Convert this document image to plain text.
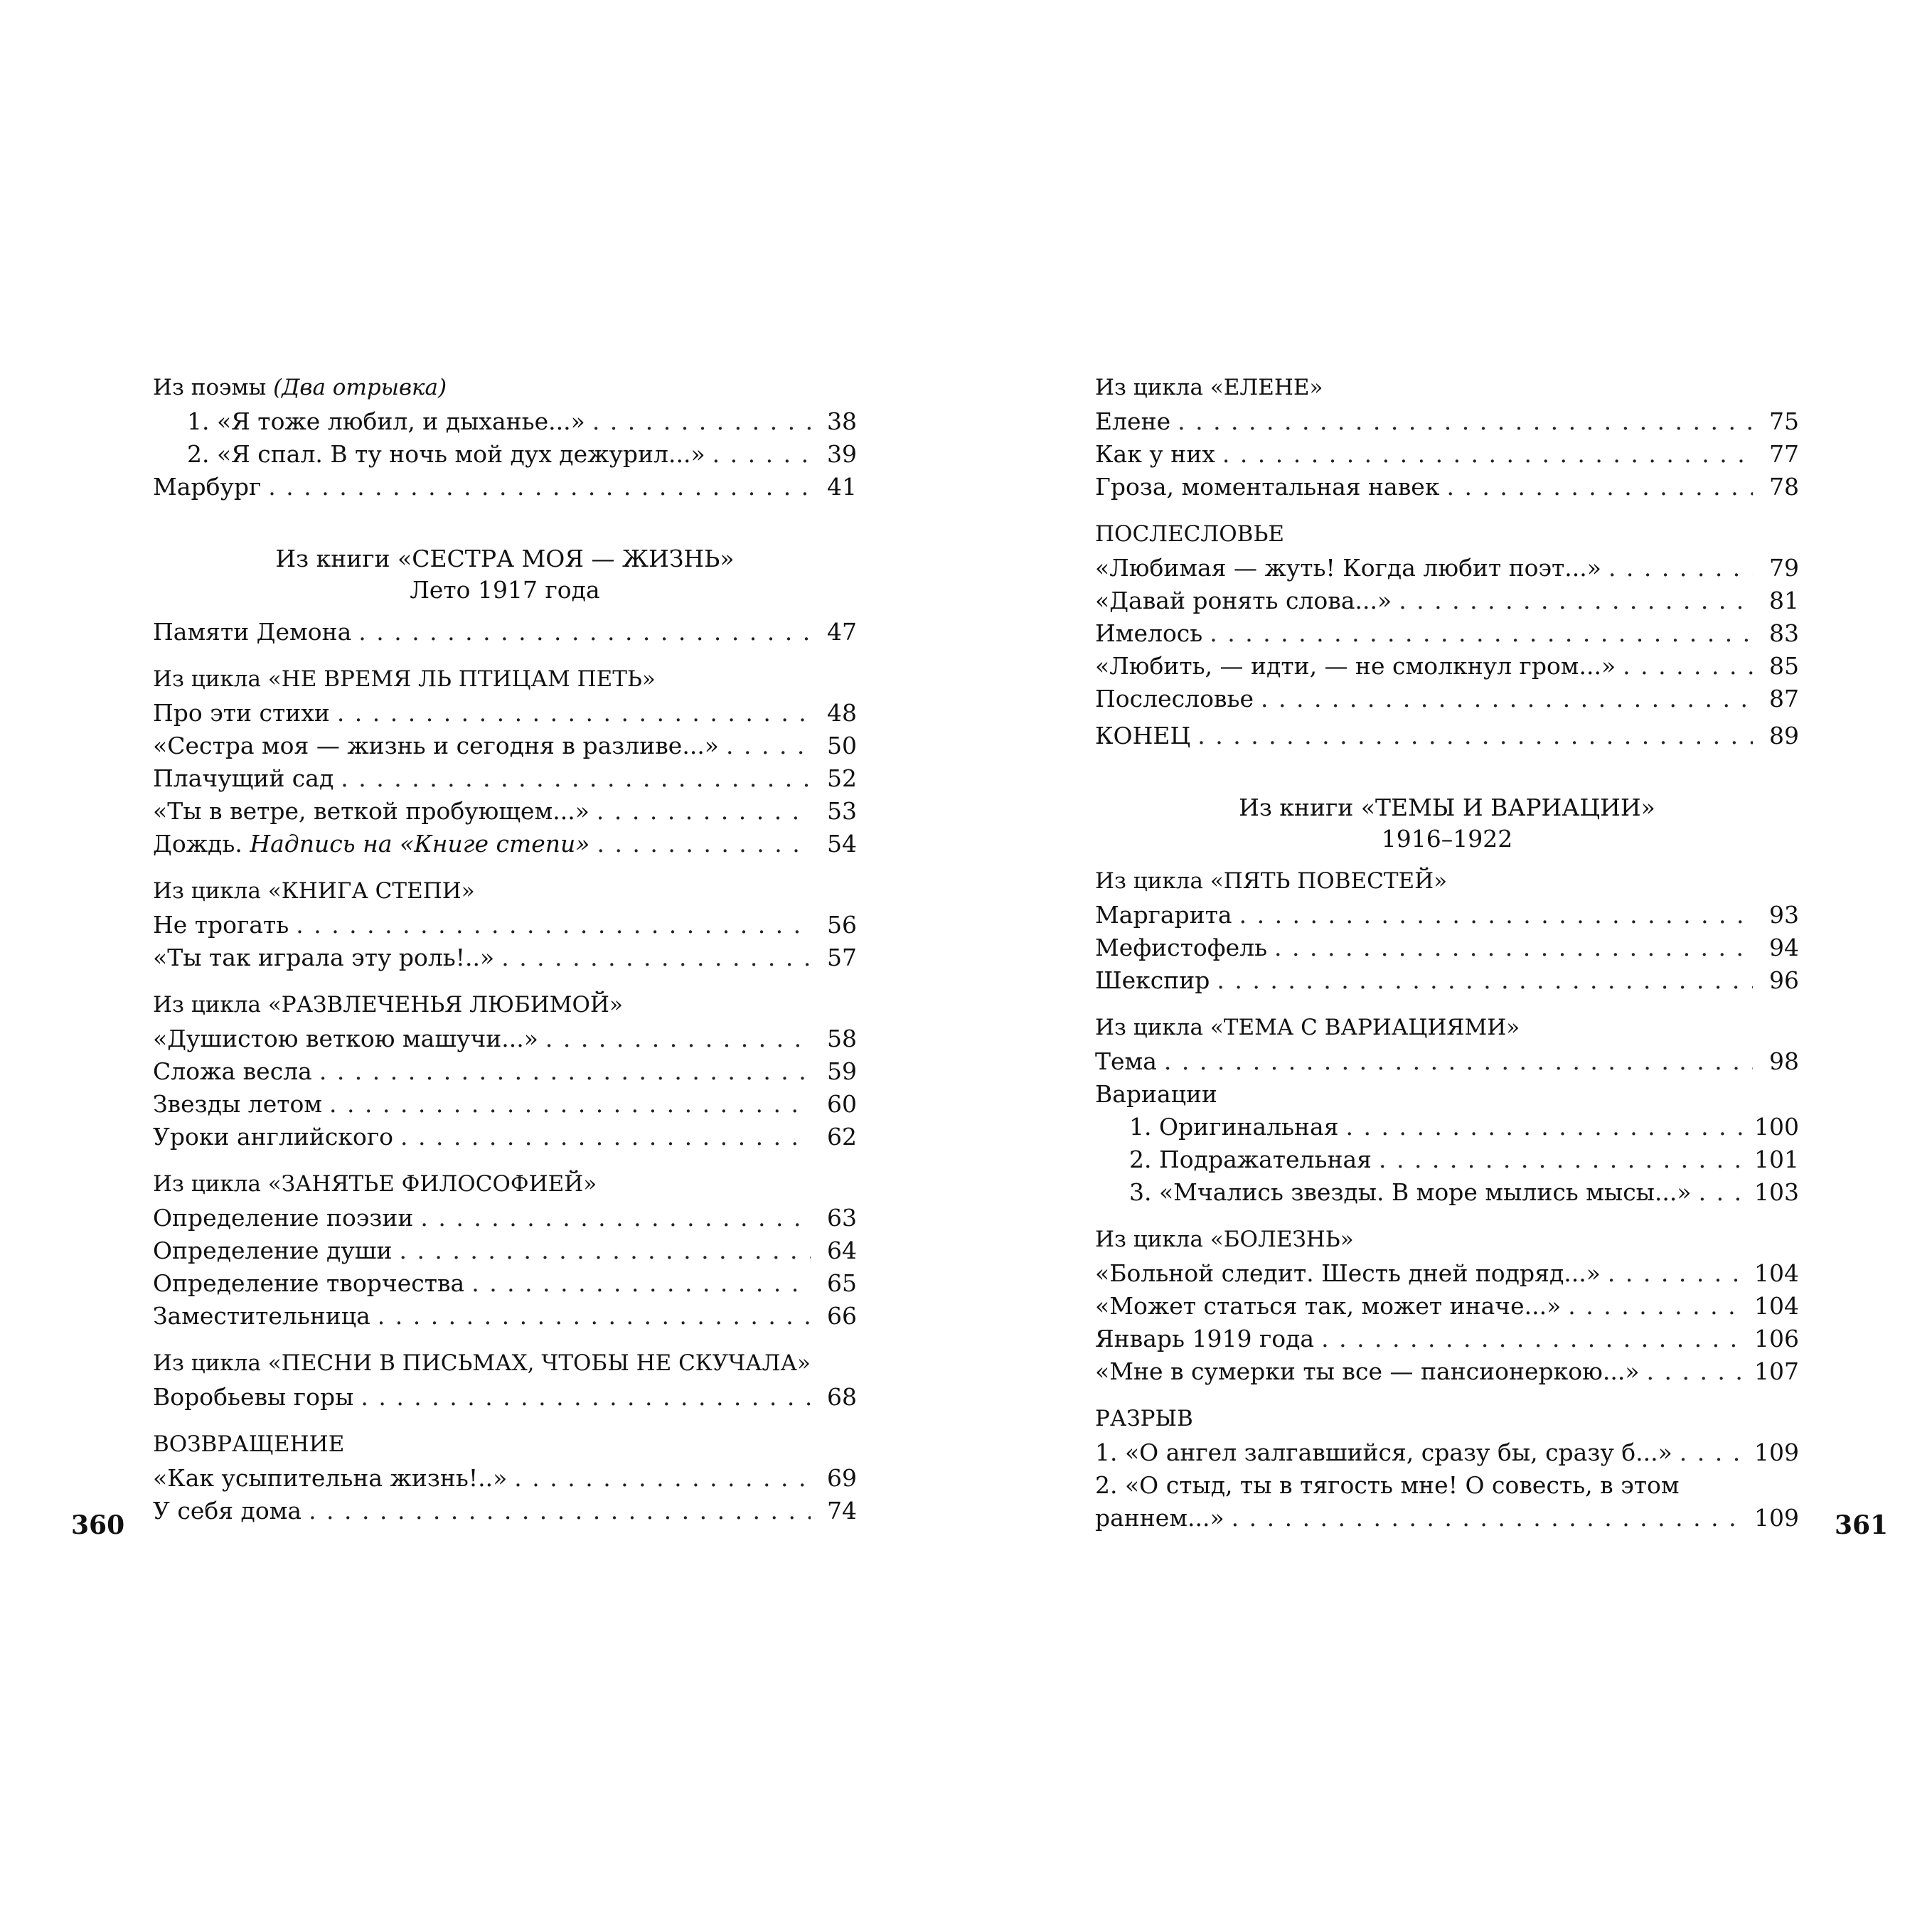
Из поэмы (Два отрывка)
1. «Я тоже любил, и дыханье...» . . .	38
2. «Я спал. В ту ночь мой дух дежурил...» . . .	39
Марбург . . .	41
Из книги «СЕСТРА МОЯ — ЖИЗНЬ»
Лето 1917 года
Памяти Демона . . .	47
Из цикла «НЕ ВРЕМЯ ЛЬ ПТИЦАМ ПЕТЬ»
Про эти стихи . . .	48
«Сестра моя — жизнь и сегодня в разливе...» . . .	50
Плачущий сад . . .	52
«Ты в ветре, веткой пробующем...» . . .	53
Дождь. Надпись на «Книге степи» . . .	54
Из цикла «КНИГА СТЕПИ»
Не трогать . . .	56
«Ты так играла эту роль!..» . . .	57
Из цикла «РАЗВЛЕЧЕНЬЯ ЛЮБИМОЙ»
«Душистою веткою машучи...» . . .	58
Сложа весла . . .	59
Звезды летом . . .	60
Уроки английского . . .	62
Из цикла «ЗАНЯТЬЕ ФИЛОСОФИЕЙ»
Определение поэзии . . .	63
Определение души . . .	64
Определение творчества . . .	65
Заместительница . . .	66
Из цикла «ПЕСНИ В ПИСЬМАХ, ЧТОБЫ НЕ СКУЧАЛА»
Воробьевы горы . . .	68
ВОЗВРАЩЕНИЕ
«Как усыпительна жизнь!..» . . .	69
У себя дома . . .	74
360
Из цикла «ЕЛЕНЕ»
Елене . . .	75
Как у них . . .	77
Гроза, моментальная навек . . .	78
ПОСЛЕСЛОВЬЕ
«Любимая — жуть! Когда любит поэт...» . . .	79
«Давай ронять слова...» . . .	81
Имелось . . .	83
«Любить, — идти, — не смолкнул гром...» . . .	85
Послесловье . . .	87
КОНЕЦ . . .	89
Из книги «ТЕМЫ И ВАРИАЦИИ»
1916–1922
Из цикла «ПЯТЬ ПОВЕСТЕЙ»
Маргарита . . .	93
Мефистофель . . .	94
Шекспир . . .	96
Из цикла «ТЕМА С ВАРИАЦИЯМИ»
Тема . . .	98
Вариации
1. Оригинальная . . .	100
2. Подражательная . . .	101
3. «Мчались звезды. В море мылись мысы...» . . .	103
Из цикла «БОЛЕЗНЬ»
«Больной следит. Шесть дней подряд...» . . .	104
«Может статься так, может иначе...» . . .	104
Январь 1919 года . . .	106
«Мне в сумерки ты все — пансионеркою...» . . .	107
РАЗРЫВ
1. «О ангел залгавшийся, сразу бы, сразу б...» . . .	109
2. «О стыд, ты в тягость мне! О совесть, в этом
раннем...» . . .	109 361
